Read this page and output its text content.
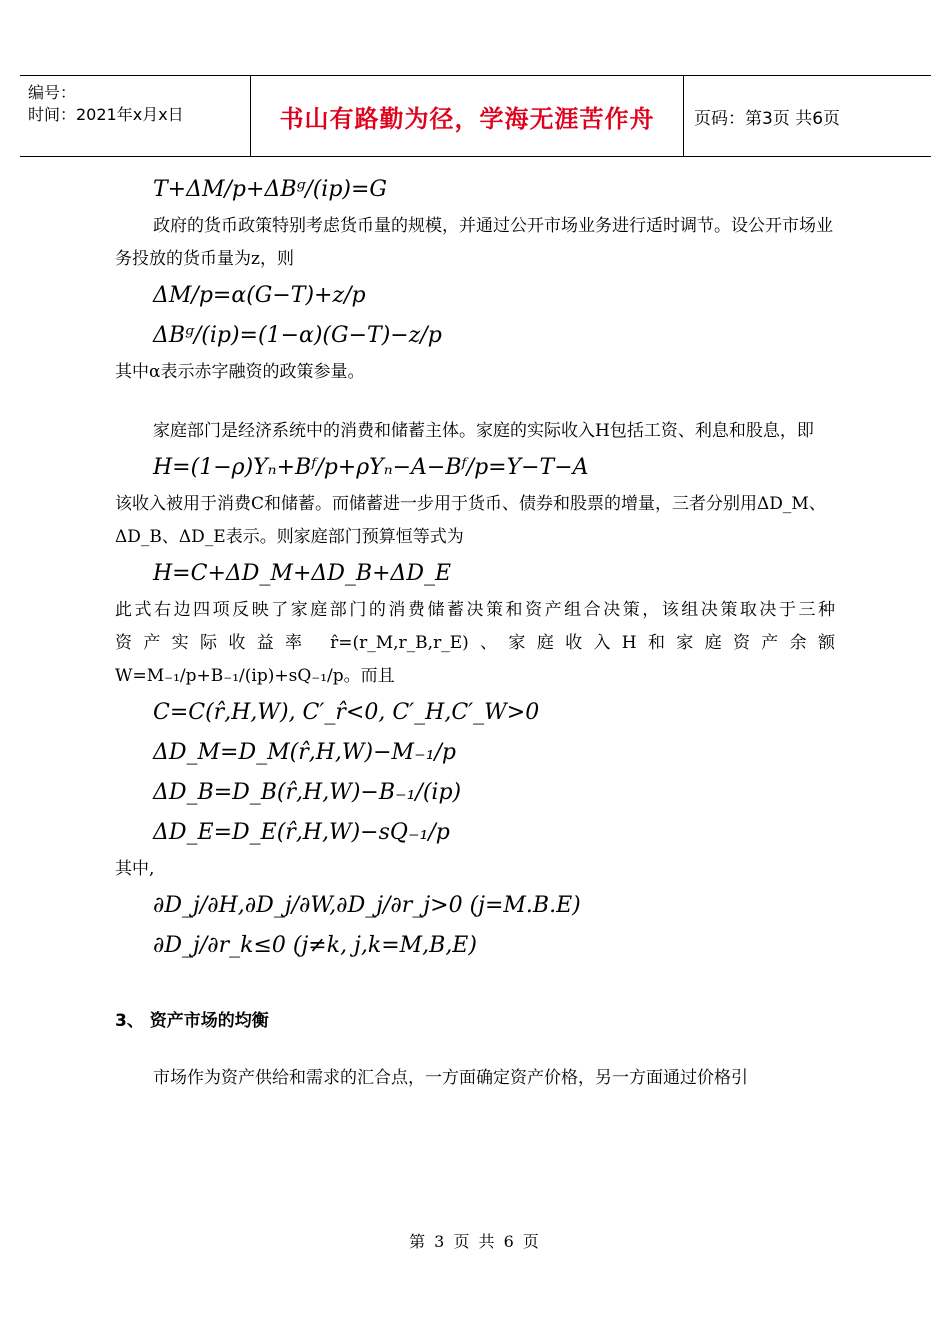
编号：
时间：2021年x月x日	书山有路勤为径，学海无涯苦作舟	页码：第3页 共6页
T+ΔM/p+ΔBᵍ/(ip)=G

政府的货币政策特别考虑货币量的规模，并通过公开市场业务进行适时调节。设公开市场业务投放的货币量为z，则

ΔM/p=α(G−T)+z/p
ΔBᵍ/(ip)=(1−α)(G−T)−z/p

其中α表示赤字融资的政策参量。

家庭部门是经济系统中的消费和储蓄主体。家庭的实际收入H包括工资、利息和股息，即

H=(1−ρ)Yₙ+Bᶠ/p+ρYₙ−A−Bᶠ/p=Y−T−A

该收入被用于消费C和储蓄。而储蓄进一步用于货币、债券和股票的增量，三者分别用ΔD_M、ΔD_B、ΔD_E表示。则家庭部门预算恒等式为

H=C+ΔD_M+ΔD_B+ΔD_E

此式右边四项反映了家庭部门的消费储蓄决策和资产组合决策，该组决策取决于三种

资产实际收益率 r̂=(r_M,r_B,r_E)、家庭收入H和家庭资产余额

W=M₋₁/p+B₋₁/(ip)+sQ₋₁/p。而且

C=C(r̂,H,W), C′_r̂<0, C′_H,C′_W>0
ΔD_M=D_M(r̂,H,W)−M₋₁/p
ΔD_B=D_B(r̂,H,W)−B₋₁/(ip)
ΔD_E=D_E(r̂,H,W)−sQ₋₁/p

其中,

∂D_j/∂H,∂D_j/∂W,∂D_j/∂r_j>0 (j=M.B.E)
∂D_j/∂r_k≤0 (j≠k, j,k=M,B,E)

3、 资产市场的均衡

市场作为资产供给和需求的汇合点，一方面确定资产价格，另一方面通过价格引

第 3 页 共 6 页
